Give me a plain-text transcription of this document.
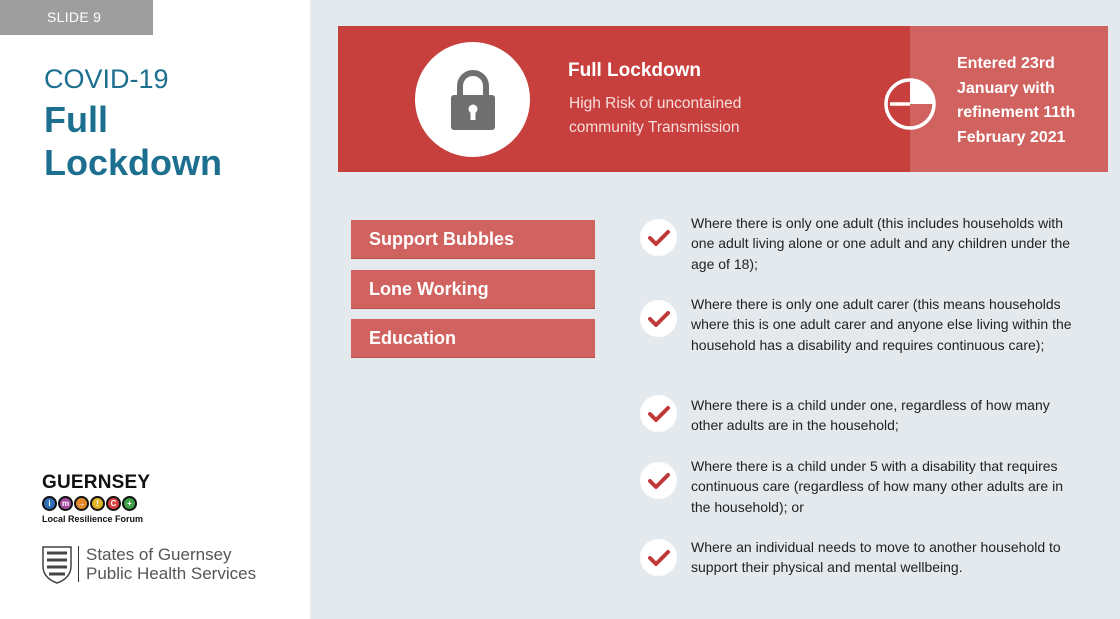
SLIDE 9
COVID-19
Full Lockdown
GUERNSEY
i	m	→	!	C	+
Local Resilience Forum
States of Guernsey
Public Health Services
Full Lockdown
High Risk of uncontained community Transmission
Entered 23rd January with refinement 11th February 2021
Support Bubbles
Lone Working
Education
Where there is only one adult (this includes households with one adult living alone or one adult and any children under the age of 18);
Where there is only one adult carer (this means households where this is one adult carer and anyone else living within the household has a disability and requires continuous care);
Where there is a child under one, regardless of how many other adults are in the household;
Where there is a child under 5 with a disability that requires continuous care (regardless of how many other adults are in the household); or
Where an individual needs to move to another household to support their physical and mental wellbeing.
